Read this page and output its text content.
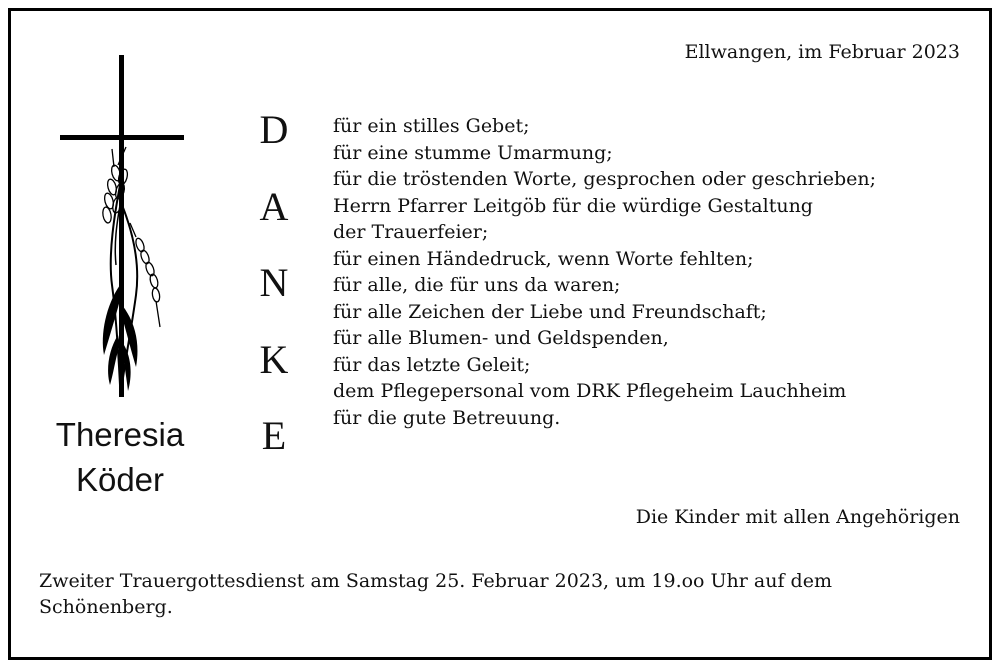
Ellwangen, im Februar 2023
Theresia
Köder
D
A
N
K
E
für ein stilles Gebet;
für eine stumme Umarmung;
für die tröstenden Worte, gesprochen oder geschrieben;
Herrn Pfarrer Leitgöb für die würdige Gestaltung
der Trauerfeier;
für einen Händedruck, wenn Worte fehlten;
für alle, die für uns da waren;
für alle Zeichen der Liebe und Freundschaft;
für alle Blumen- und Geldspenden,
für das letzte Geleit;
dem Pflegepersonal vom DRK Pflegeheim Lauchheim
für die gute Betreuung.
Die Kinder mit allen Angehörigen
Zweiter Trauergottesdienst am Samstag 25. Februar 2023, um 19.oo Uhr auf dem Schönenberg.
